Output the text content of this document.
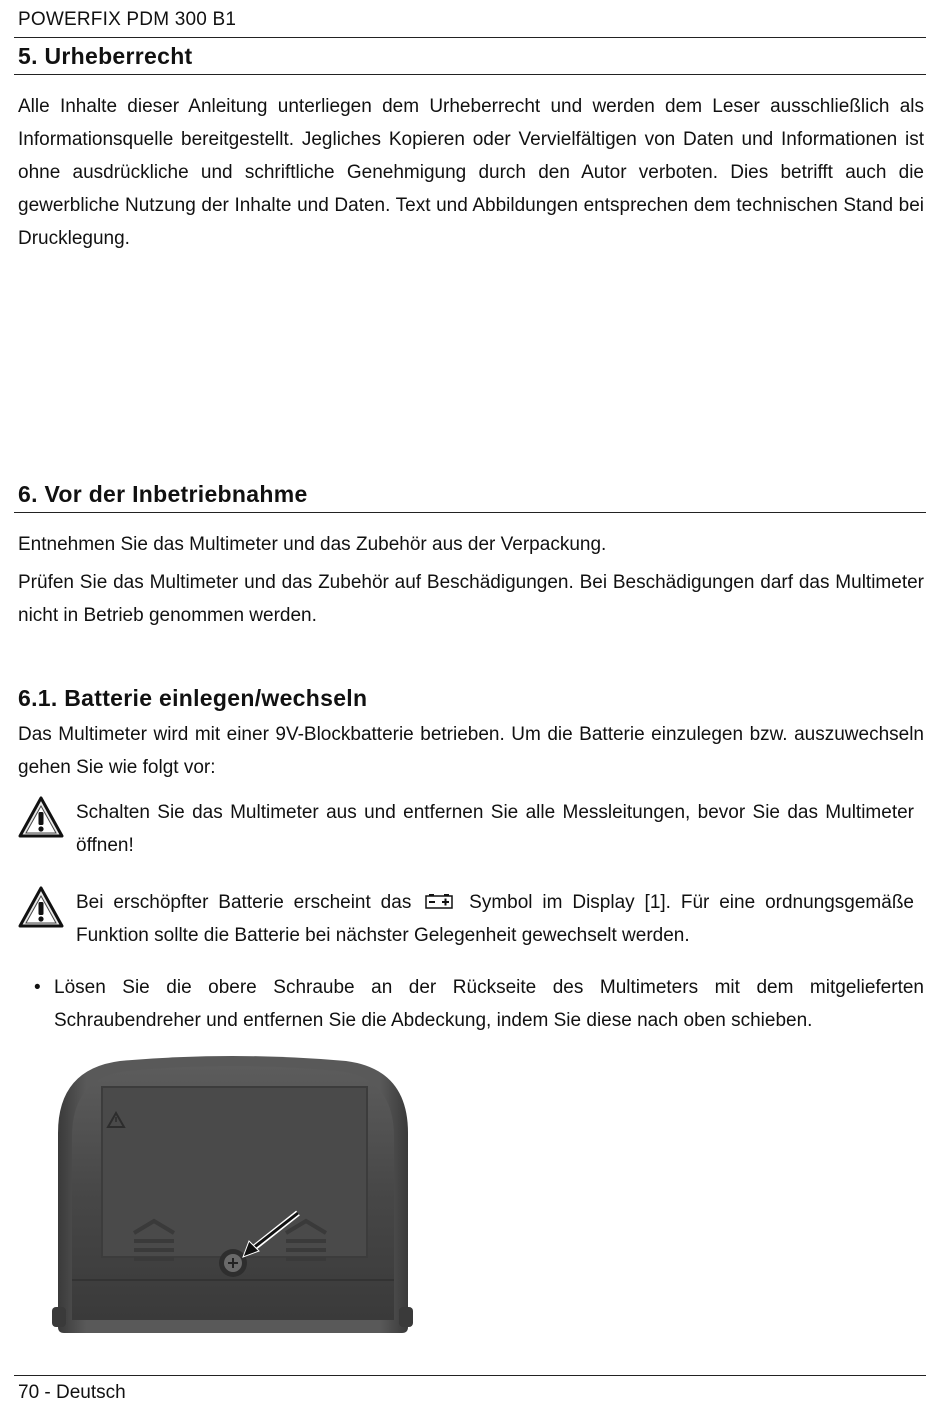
POWERFIX PDM 300 B1
5. Urheberrecht
Alle Inhalte dieser Anleitung unterliegen dem Urheberrecht und werden dem Leser ausschließlich als Informationsquelle bereitgestellt. Jegliches Kopieren oder Vervielfältigen von Daten und Informationen ist ohne ausdrückliche und schriftliche Genehmigung durch den Autor verboten. Dies betrifft auch die gewerbliche Nutzung der Inhalte und Daten. Text und Abbildungen entsprechen dem technischen Stand bei Drucklegung.
6. Vor der Inbetriebnahme
Entnehmen Sie das Multimeter und das Zubehör aus der Verpackung.
Prüfen Sie das Multimeter und das Zubehör auf Beschädigungen. Bei Beschädigungen darf das Multimeter nicht in Betrieb genommen werden.
6.1. Batterie einlegen/wechseln
Das Multimeter wird mit einer 9V-Blockbatterie betrieben. Um die Batterie einzulegen bzw. auszuwechseln gehen Sie wie folgt vor:
Schalten Sie das Multimeter aus und entfernen Sie alle Messleitungen, bevor Sie das Multimeter öffnen!
Bei erschöpfter Batterie erscheint das	Symbol im Display [1]. Für eine ordnungsgemäße Funktion sollte die Batterie bei nächster Gelegenheit gewechselt werden.
• Lösen Sie die obere Schraube an der Rückseite des Multimeters mit dem mitgelieferten Schraubendreher und entfernen Sie die Abdeckung, indem Sie diese nach oben schieben.
70 - Deutsch
